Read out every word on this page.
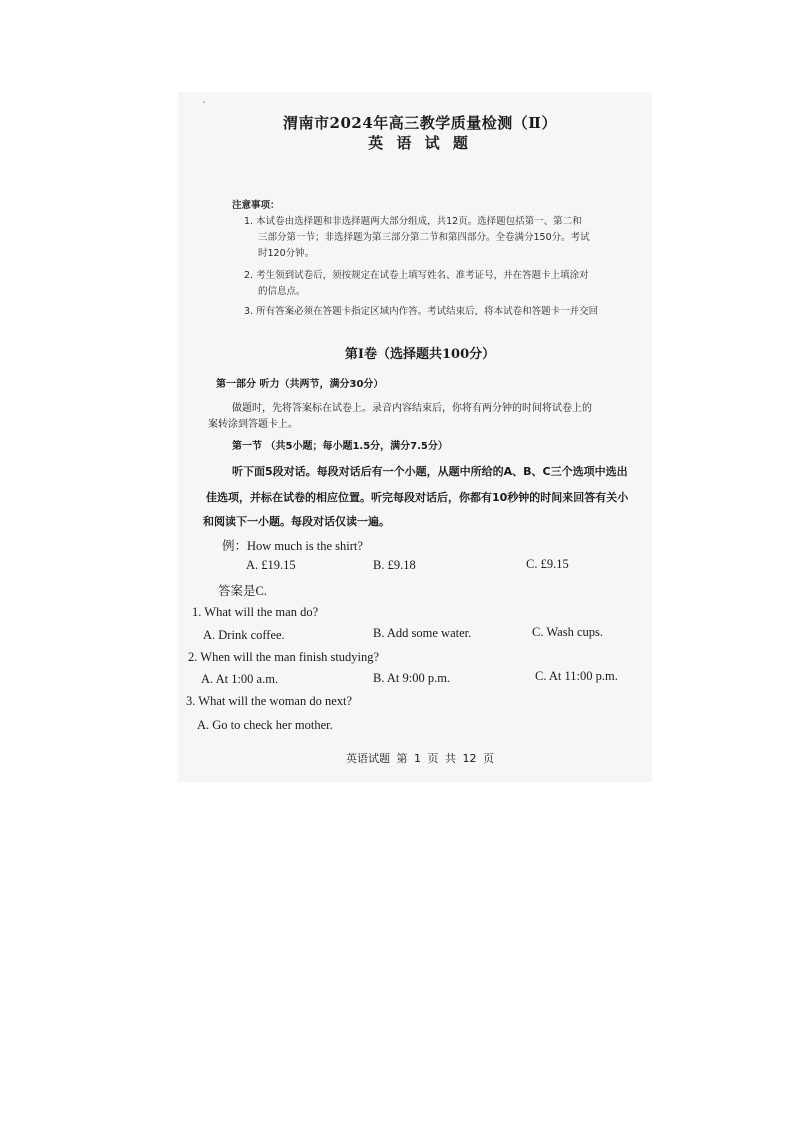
'
渭南市2024年高三教学质量检测（Ⅱ）
英 语 试 题
注意事项：
1. 本试卷由选择题和非选择题两大部分组成，共12页。选择题包括第一、第二和
三部分第一节；非选择题为第三部分第二节和第四部分。全卷满分150分。考试
时120分钟。
2. 考生领到试卷后，须按规定在试卷上填写姓名、准考证号，并在答题卡上填涂对
的信息点。
3. 所有答案必须在答题卡指定区域内作答。考试结束后，将本试卷和答题卡一并交回
第Ⅰ卷（选择题共100分）
第一部分 听力（共两节，满分30分）
做题时，先将答案标在试卷上。录音内容结束后，你将有两分钟的时间将试卷上的
案转涂到答题卡上。
第一节 （共5小题；每小题1.5分，满分7.5分）
听下面5段对话。每段对话后有一个小题，从题中所给的A、B、C三个选项中选出
佳选项，并标在试卷的相应位置。听完每段对话后，你都有10秒钟的时间来回答有关小
和阅读下一小题。每段对话仅读一遍。
例：How much is the shirt?
A. £19.15	B. £9.18	C. £9.15
答案是C.
1. What will the man do?
A. Drink coffee.	B. Add some water.	C. Wash cups.
2. When will the man finish studying?
A. At 1:00 a.m.	B. At 9:00 p.m.	C. At 11:00 p.m.
3. What will the woman do next?
A. Go to check her mother.
英语试题 第 1 页 共 12 页
